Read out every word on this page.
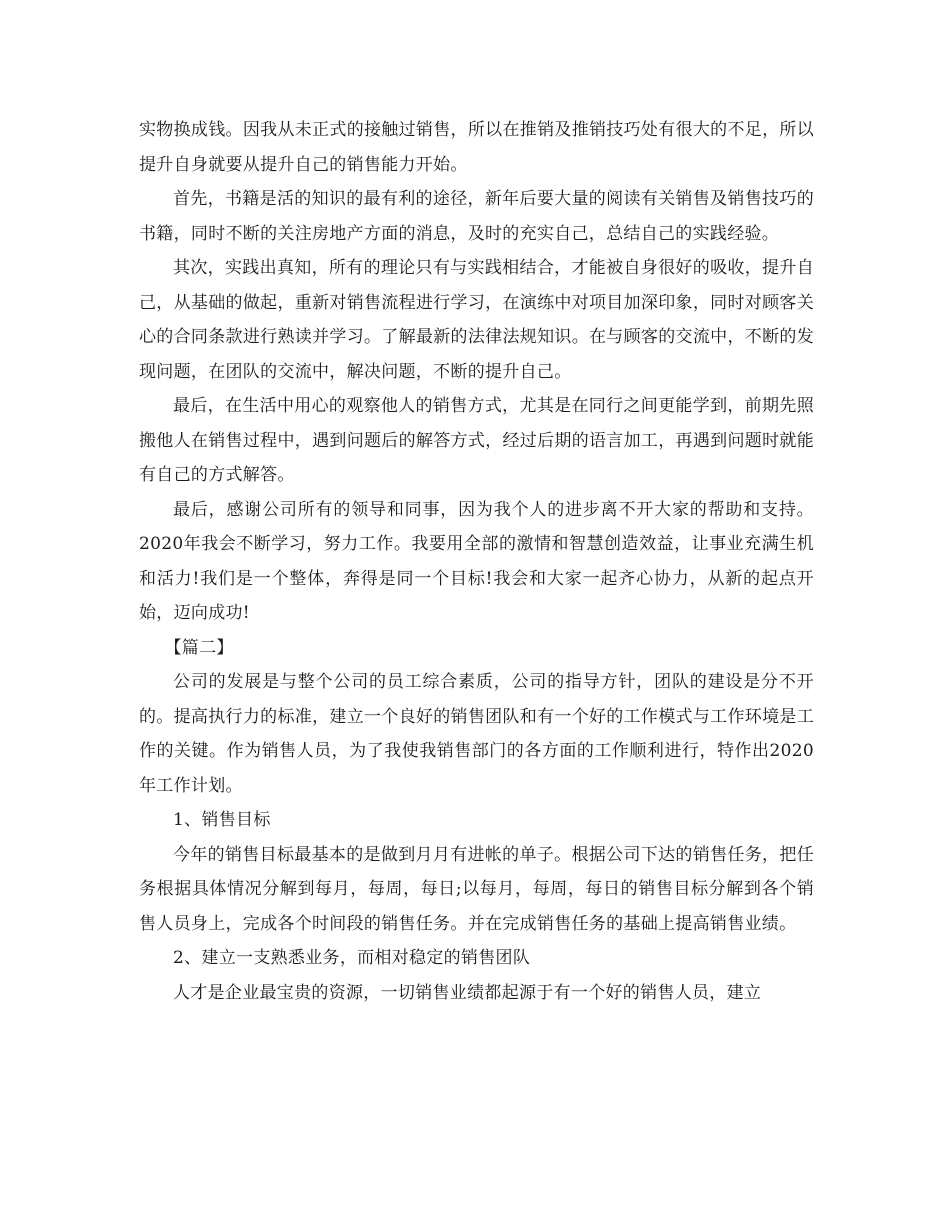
实物换成钱。因我从未正式的接触过销售，所以在推销及推销技巧处有很大的不足，所以提升自身就要从提升自己的销售能力开始。

首先，书籍是活的知识的最有利的途径，新年后要大量的阅读有关销售及销售技巧的书籍，同时不断的关注房地产方面的消息，及时的充实自己，总结自己的实践经验。

其次，实践出真知，所有的理论只有与实践相结合，才能被自身很好的吸收，提升自己，从基础的做起，重新对销售流程进行学习，在演练中对项目加深印象，同时对顾客关心的合同条款进行熟读并学习。了解最新的法律法规知识。在与顾客的交流中，不断的发现问题，在团队的交流中，解决问题，不断的提升自己。

最后，在生活中用心的观察他人的销售方式，尤其是在同行之间更能学到，前期先照搬他人在销售过程中，遇到问题后的解答方式，经过后期的语言加工，再遇到问题时就能有自己的方式解答。

最后，感谢公司所有的领导和同事，因为我个人的进步离不开大家的帮助和支持。2020年我会不断学习，努力工作。我要用全部的激情和智慧创造效益，让事业充满生机和活力!我们是一个整体，奔得是同一个目标!我会和大家一起齐心协力，从新的起点开始，迈向成功!

【篇二】

公司的发展是与整个公司的员工综合素质，公司的指导方针，团队的建设是分不开的。提高执行力的标准，建立一个良好的销售团队和有一个好的工作模式与工作环境是工作的关键。作为销售人员，为了我使我销售部门的各方面的工作顺利进行，特作出2020年工作计划。

1、销售目标

今年的销售目标最基本的是做到月月有进帐的单子。根据公司下达的销售任务，把任务根据具体情况分解到每月，每周，每日;以每月，每周，每日的销售目标分解到各个销售人员身上，完成各个时间段的销售任务。并在完成销售任务的基础上提高销售业绩。

2、建立一支熟悉业务，而相对稳定的销售团队

人才是企业最宝贵的资源，一切销售业绩都起源于有一个好的销售人员，建立
